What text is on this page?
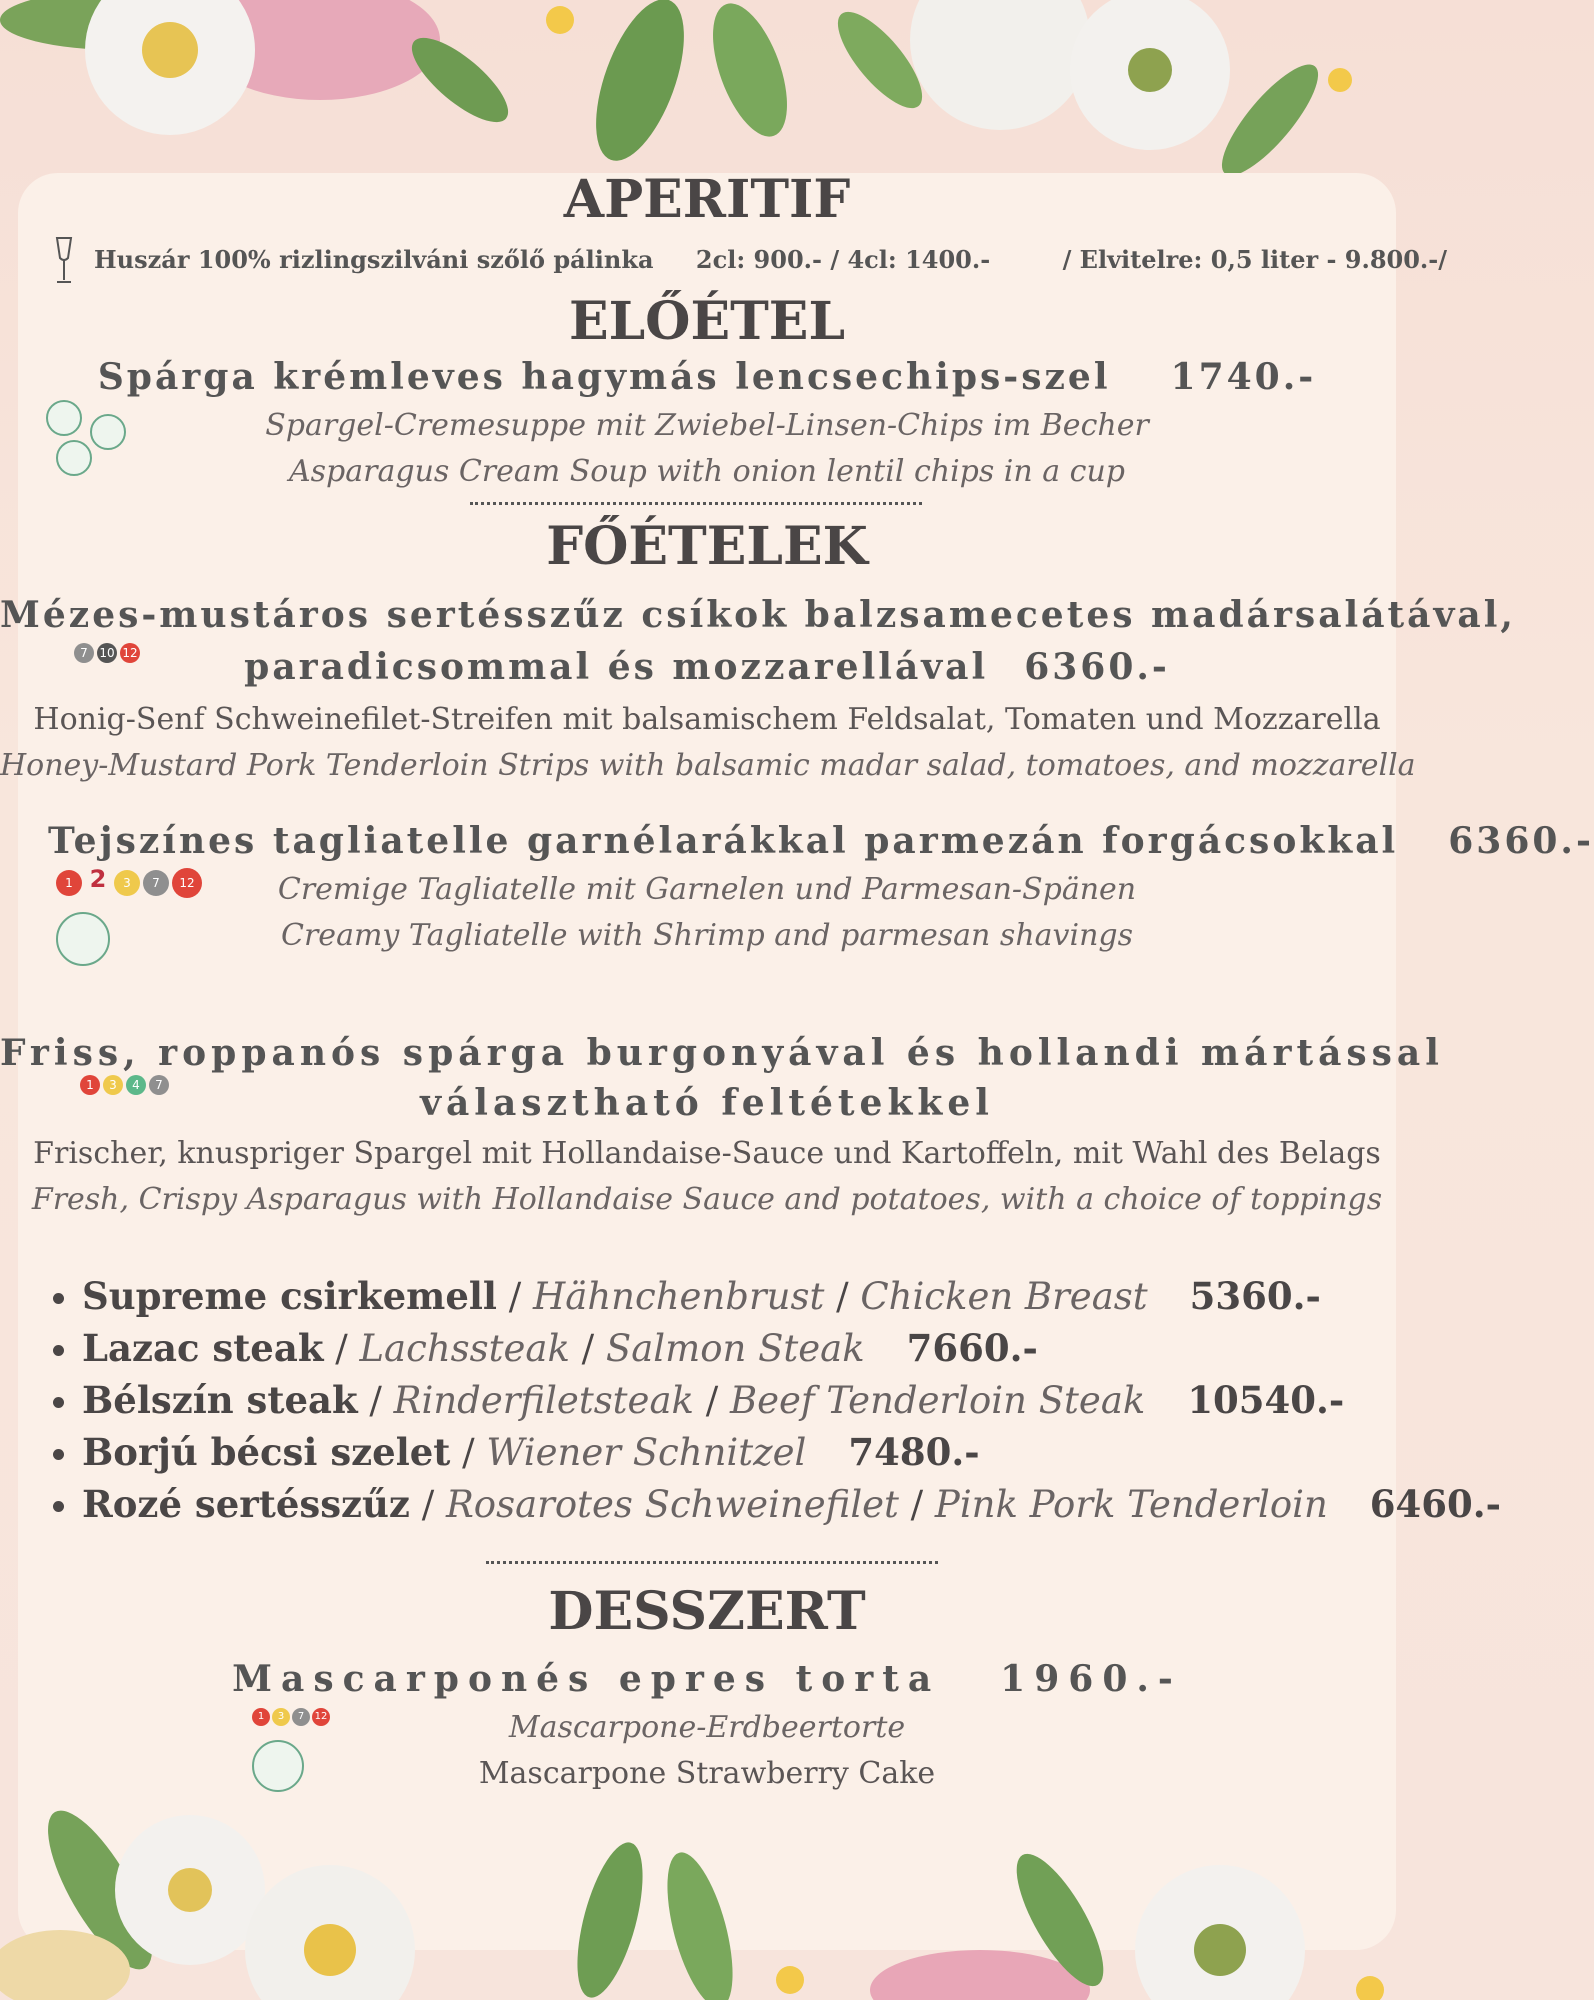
APERITIF
Huszár 100% rizlingszilváni szőlő pálinka 2cl: 900.- / 4cl: 1400.-	/ Elvitelre: 0,5 liter - 9.800.-/
ELŐÉTEL
Spárga krémleves hagymás lencsechips-szel 1740.-
Spargel-Cremesuppe mit Zwiebel-Linsen-Chips im Becher
Asparagus Cream Soup with onion lentil chips in a cup
FŐÉTELEK
Mézes-mustáros sertésszűz csíkok balzsamecetes madársalátával,
paradicsommal és mozzarellával 6360.-
7 10 12
Honig-Senf Schweinefilet-Streifen mit balsamischem Feldsalat, Tomaten und Mozzarella
Honey-Mustard Pork Tenderloin Strips with balsamic madar salad, tomatoes, and mozzarella
Tejszínes tagliatelle garnélarákkal parmezán forgácsokkal 6360.-
1 2 3 7 12	Cremige Tagliatelle mit Garnelen und Parmesan-Spänen
Creamy Tagliatelle with Shrimp and parmesan shavings
Friss, roppanós spárga burgonyával és hollandi mártással
választható feltétekkel
1 3 4 7
Frischer, knuspriger Spargel mit Hollandaise-Sauce und Kartoffeln, mit Wahl des Belags
Fresh, Crispy Asparagus with Hollandaise Sauce and potatoes, with a choice of toppings
• Supreme csirkemell / Hähnchenbrust / Chicken Breast 5360.-
• Lazac steak / Lachssteak / Salmon Steak 7660.-
• Bélszín steak / Rinderfiletsteak / Beef Tenderloin Steak 10540.-
• Borjú bécsi szelet / Wiener Schnitzel 7480.-
• Rozé sertésszűz / Rosarotes Schweinefilet / Pink Pork Tenderloin 6460.-
DESSZERT
Mascarponés epres torta 1960.-
1 3 7 12	Mascarpone-Erdbeertorte
Mascarpone Strawberry Cake
